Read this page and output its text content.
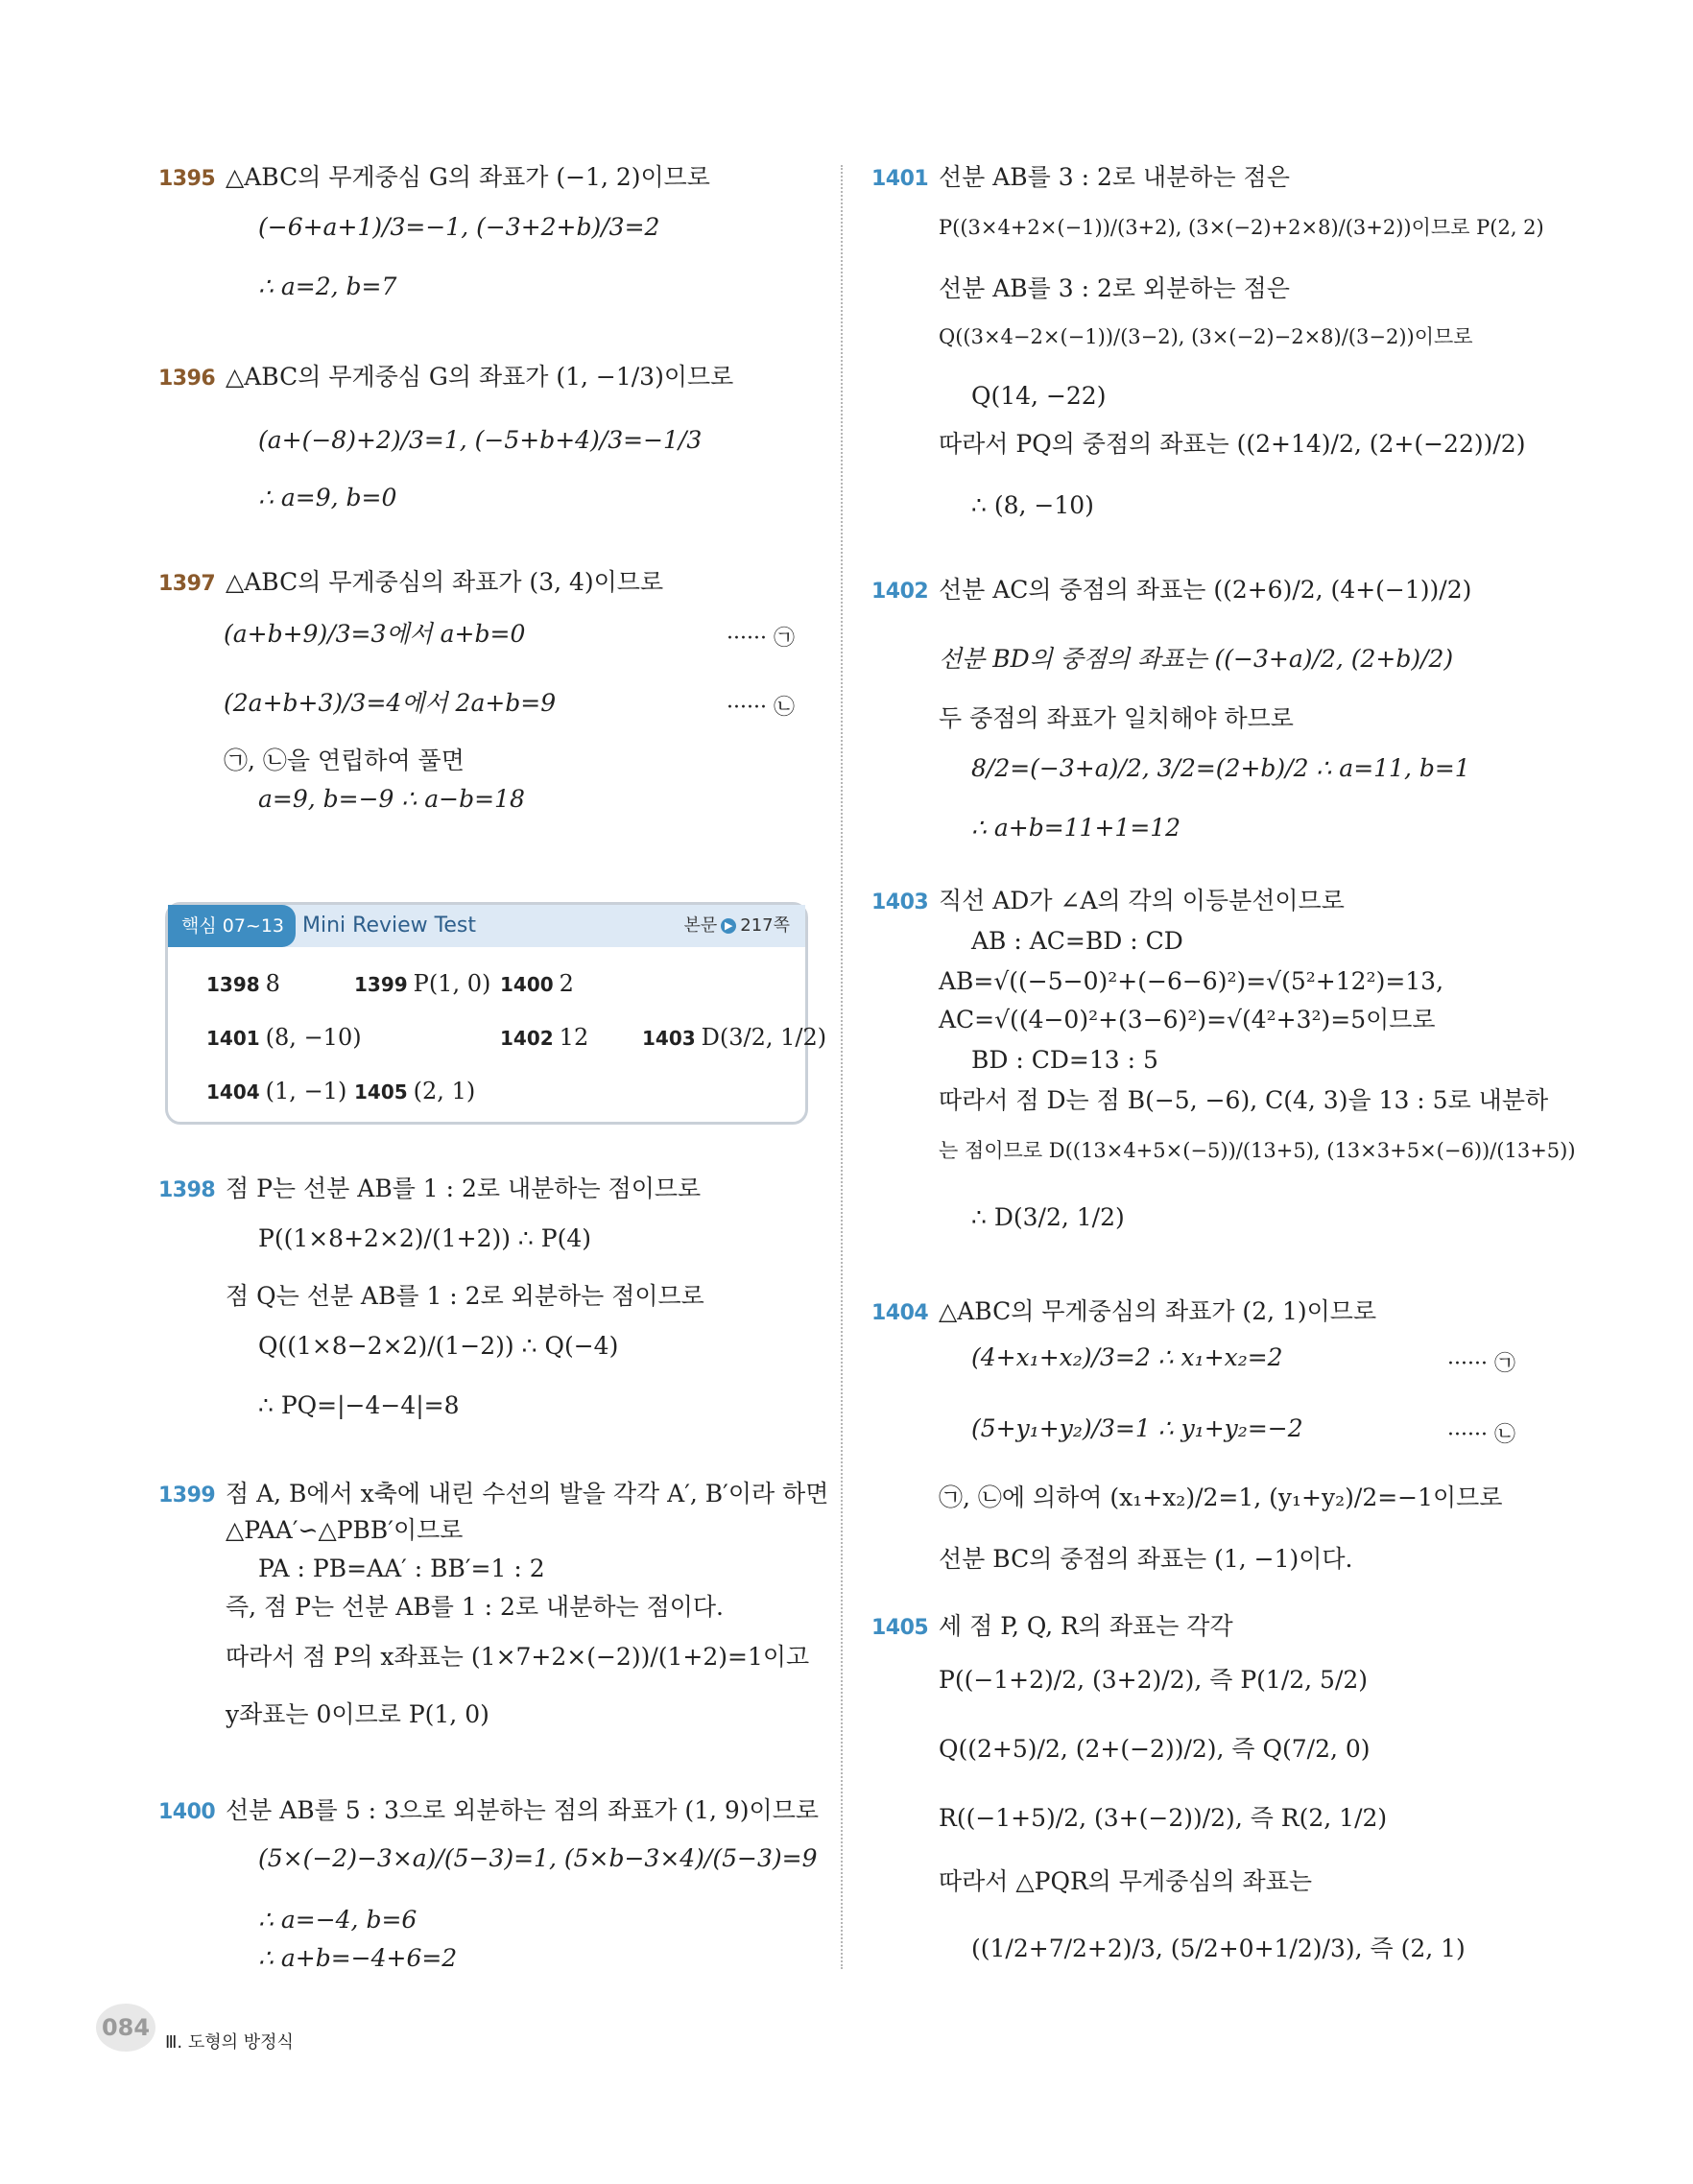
1395 △ABC의 무게중심 G의 좌표가 (−1, 2)이므로
(−6+a+1)/3=−1, (−3+2+b)/3=2
∴ a=2, b=7
1396 △ABC의 무게중심 G의 좌표가 (1, −1/3)이므로
(a+(−8)+2)/3=1, (−5+b+4)/3=−1/3
∴ a=9, b=0
1397 △ABC의 무게중심의 좌표가 (3, 4)이므로
(a+b+9)/3=3에서 a+b=0	······ ㉠
(2a+b+3)/3=4에서 2a+b=9	······ ㉡
㉠, ㉡을 연립하여 풀면
a=9, b=−9 ∴ a−b=18
1398 점 P는 선분 AB를 1 : 2로 내분하는 점이므로
P((1×8+2×2)/(1+2)) ∴ P(4)
점 Q는 선분 AB를 1 : 2로 외분하는 점이므로
Q((1×8−2×2)/(1−2)) ∴ Q(−4)
∴ PQ=|−4−4|=8
1399 점 A, B에서 x축에 내린 수선의 발을 각각 A′, B′이라 하면
△PAA′∽△PBB′이므로
PA : PB=AA′ : BB′=1 : 2
즉, 점 P는 선분 AB를 1 : 2로 내분하는 점이다.
따라서 점 P의 x좌표는 (1×7+2×(−2))/(1+2)=1이고
y좌표는 0이므로 P(1, 0)
1400 선분 AB를 5 : 3으로 외분하는 점의 좌표가 (1, 9)이므로
(5×(−2)−3×a)/(5−3)=1, (5×b−3×4)/(5−3)=9
∴ a=−4, b=6
∴ a+b=−4+6=2
핵심 07~13 Mini Review Test	본문 ▶ 217쪽
1398 8	1399 P(1, 0) 1400 2
1401 (8, −10)	1402 12	1403 D(3/2, 1/2)
1404 (1, −1) 1405 (2, 1)
1401 선분 AB를 3 : 2로 내분하는 점은
P((3×4+2×(−1))/(3+2), (3×(−2)+2×8)/(3+2))이므로 P(2, 2)
선분 AB를 3 : 2로 외분하는 점은
Q((3×4−2×(−1))/(3−2), (3×(−2)−2×8)/(3−2))이므로
Q(14, −22)
따라서 PQ의 중점의 좌표는 ((2+14)/2, (2+(−22))/2)
∴ (8, −10)
1402 선분 AC의 중점의 좌표는 ((2+6)/2, (4+(−1))/2)
선분 BD의 중점의 좌표는 ((−3+a)/2, (2+b)/2)
두 중점의 좌표가 일치해야 하므로
8/2=(−3+a)/2, 3/2=(2+b)/2 ∴ a=11, b=1
∴ a+b=11+1=12
1403 직선 AD가 ∠A의 각의 이등분선이므로
AB : AC=BD : CD
AB=√((−5−0)²+(−6−6)²)=√(5²+12²)=13,
AC=√((4−0)²+(3−6)²)=√(4²+3²)=5이므로
BD : CD=13 : 5
따라서 점 D는 점 B(−5, −6), C(4, 3)을 13 : 5로 내분하
는 점이므로 D((13×4+5×(−5))/(13+5), (13×3+5×(−6))/(13+5))
∴ D(3/2, 1/2)
1404 △ABC의 무게중심의 좌표가 (2, 1)이므로
(4+x₁+x₂)/3=2 ∴ x₁+x₂=2	······ ㉠
(5+y₁+y₂)/3=1 ∴ y₁+y₂=−2	······ ㉡
㉠, ㉡에 의하여 (x₁+x₂)/2=1, (y₁+y₂)/2=−1이므로
선분 BC의 중점의 좌표는 (1, −1)이다.
1405 세 점 P, Q, R의 좌표는 각각
P((−1+2)/2, (3+2)/2), 즉 P(1/2, 5/2)
Q((2+5)/2, (2+(−2))/2), 즉 Q(7/2, 0)
R((−1+5)/2, (3+(−2))/2), 즉 R(2, 1/2)
따라서 △PQR의 무게중심의 좌표는
((1/2+7/2+2)/3, (5/2+0+1/2)/3), 즉 (2, 1)
084
Ⅲ. 도형의 방정식
